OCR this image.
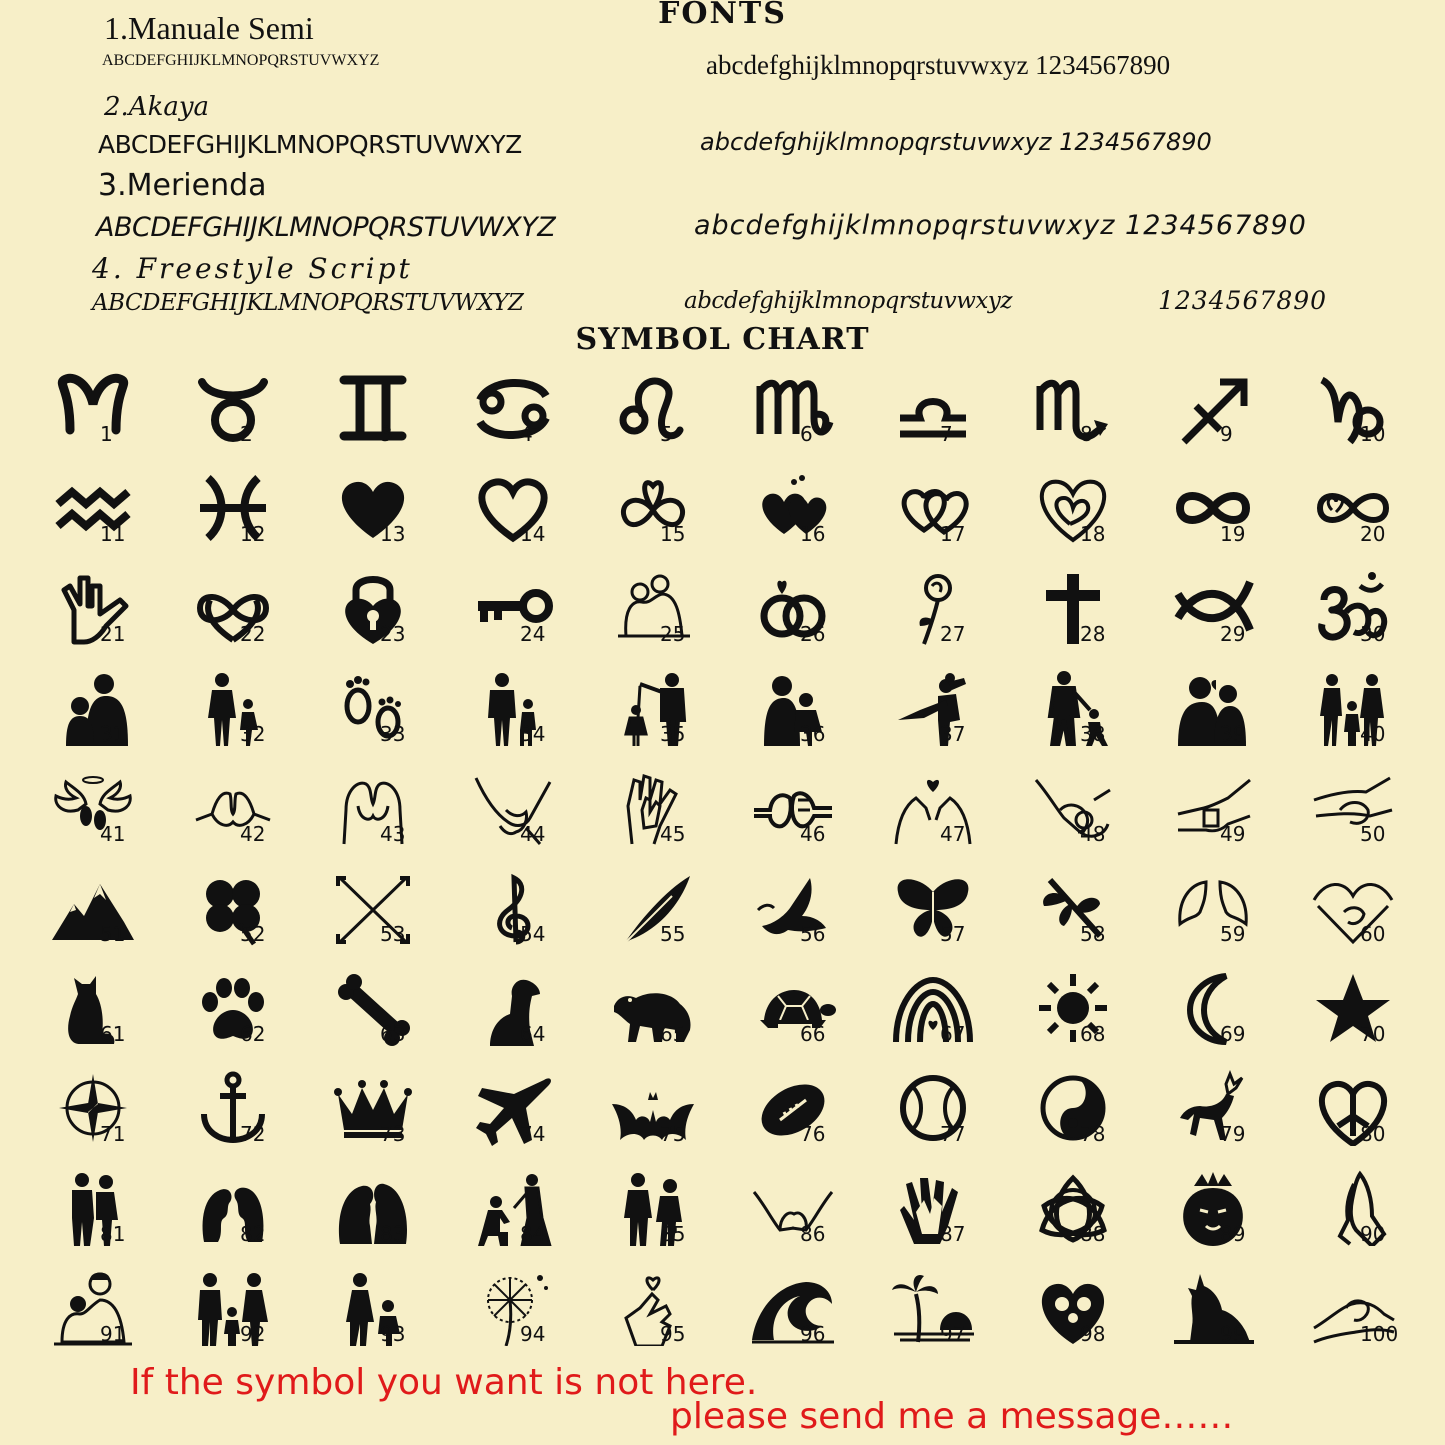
FONTS
1.Manuale Semi
ABCDEFGHIJKLMNOPQRSTUVWXYZ	abcdefghijklmnopqrstuvwxyz 1234567890
2.Akaya
ABCDEFGHIJKLMNOPQRSTUVWXYZ	abcdefghijklmnopqrstuvwxyz 1234567890
3.Merienda
ABCDEFGHIJKLMNOPQRSTUVWXYZ	abcdefghijklmnopqrstuvwxyz 1234567890
4. Freestyle Script
ABCDEFGHIJKLMNOPQRSTUVWXYZ	abcdefghijklmnopqrstuvwxyz	1234567890
SYMBOL CHART
1	2	3	4	5	6	7	8	9	10
11	12	13	14	15	16	17	18	19	20
21	22	23	24	25	26	27	28	29	30
31	32	33	34	35	36	37	38	39	40
41	42	43	44	45	46	47	48	49	50
51	52	53	54	55	56	57	58	59	60
61	62	63	64	65	66	67	68	69	70
71	72	73	74	75	76	77	78	79	80
81	82	83	84	85	86	87	88	89	90
91	92	93	94	95	96	97	98	99	100
If the symbol you want is not here.
please send me a message……
